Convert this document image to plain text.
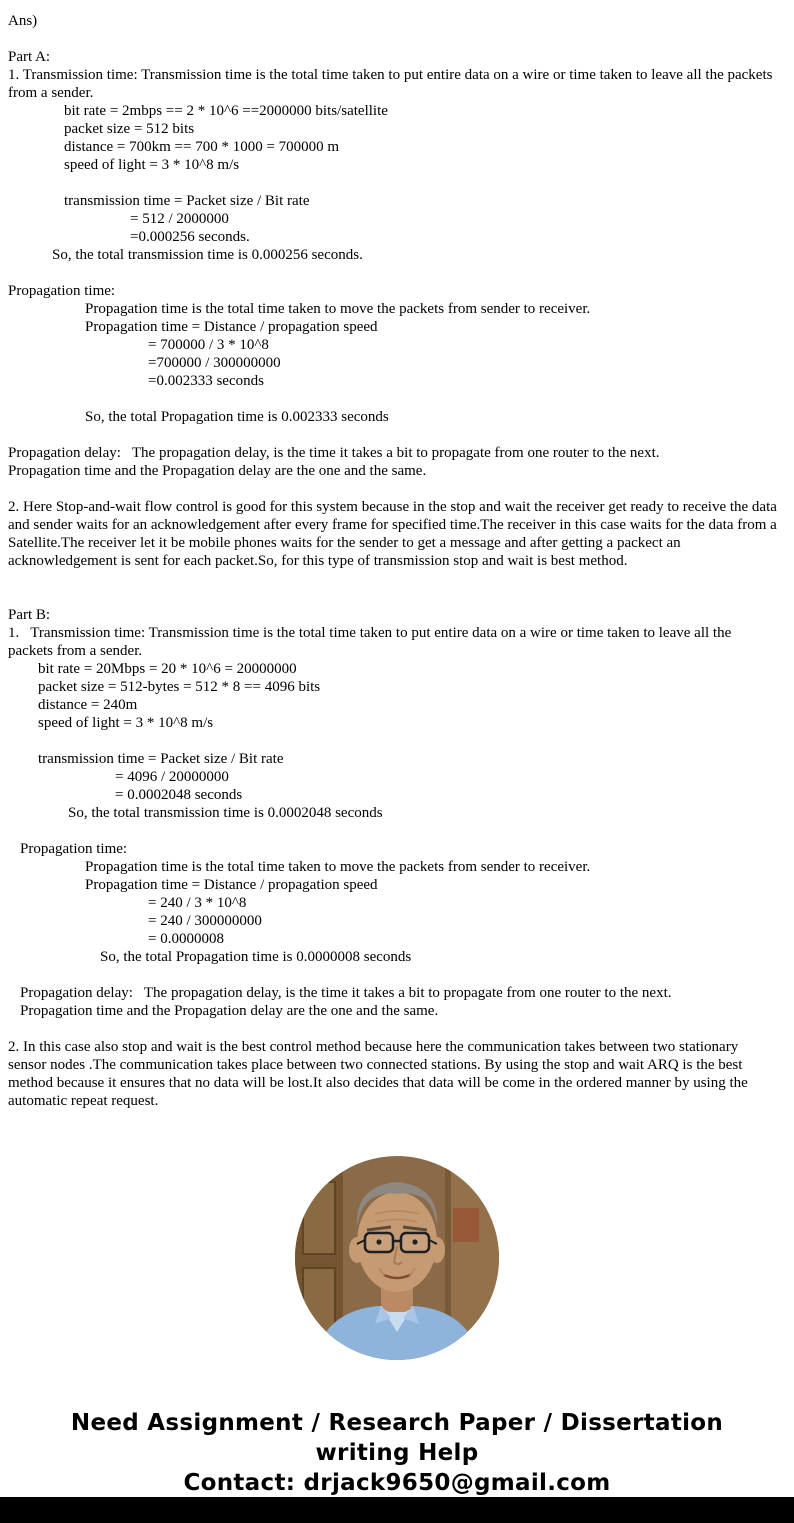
Ans)

Part A:
1. Transmission time: Transmission time is the total time taken to put entire data on a wire or time taken to leave all the packets from a sender.
bit rate = 2mbps == 2 * 10^6 ==2000000 bits/satellite
packet size = 512 bits
distance = 700km == 700 * 1000 = 700000 m
speed of light = 3 * 10^8 m/s

transmission time = Packet size / Bit rate
= 512 / 2000000
=0.000256 seconds.
So, the total transmission time is 0.000256 seconds.

Propagation time:
Propagation time is the total time taken to move the packets from sender to receiver.
Propagation time = Distance / propagation speed
= 700000 / 3 * 10^8
=700000 / 300000000
=0.002333 seconds

So, the total Propagation time is 0.002333 seconds

Propagation delay:   The propagation delay, is the time it takes a bit to propagate from one router to the next.
Propagation time and the Propagation delay are the one and the same.

2. Here Stop-and-wait flow control is good for this system because in the stop and wait the receiver get ready to receive the data and sender waits for an acknowledgement after every frame for specified time.The receiver in this case waits for the data from a Satellite.The receiver let it be mobile phones waits for the sender to get a message and after getting a packect an acknowledgement is sent for each packet.So, for this type of transmission stop and wait is best method.

Part B:
1.   Transmission time: Transmission time is the total time taken to put entire data on a wire or time taken to leave all the packets from a sender.
bit rate = 20Mbps = 20 * 10^6 = 20000000
packet size = 512-bytes = 512 * 8 == 4096 bits
distance = 240m
speed of light = 3 * 10^8 m/s

transmission time = Packet size / Bit rate
= 4096 / 20000000
= 0.0002048 seconds
So, the total transmission time is 0.0002048 seconds

Propagation time:
Propagation time is the total time taken to move the packets from sender to receiver.
Propagation time = Distance / propagation speed
= 240 / 3 * 10^8
= 240 / 300000000
= 0.0000008
So, the total Propagation time is 0.0000008 seconds

Propagation delay:   The propagation delay, is the time it takes a bit to propagate from one router to the next.
Propagation time and the Propagation delay are the one and the same.

2. In this case also stop and wait is the best control method because here the communication takes between two stationary sensor nodes .The communication takes place between two connected stations. By using the stop and wait ARQ is the best method because it ensures that no data will be lost.It also decides that data will be come in the ordered manner by using the automatic repeat request.
Need Assignment / Research Paper / Dissertation
writing Help
Contact: drjack9650@gmail.com
